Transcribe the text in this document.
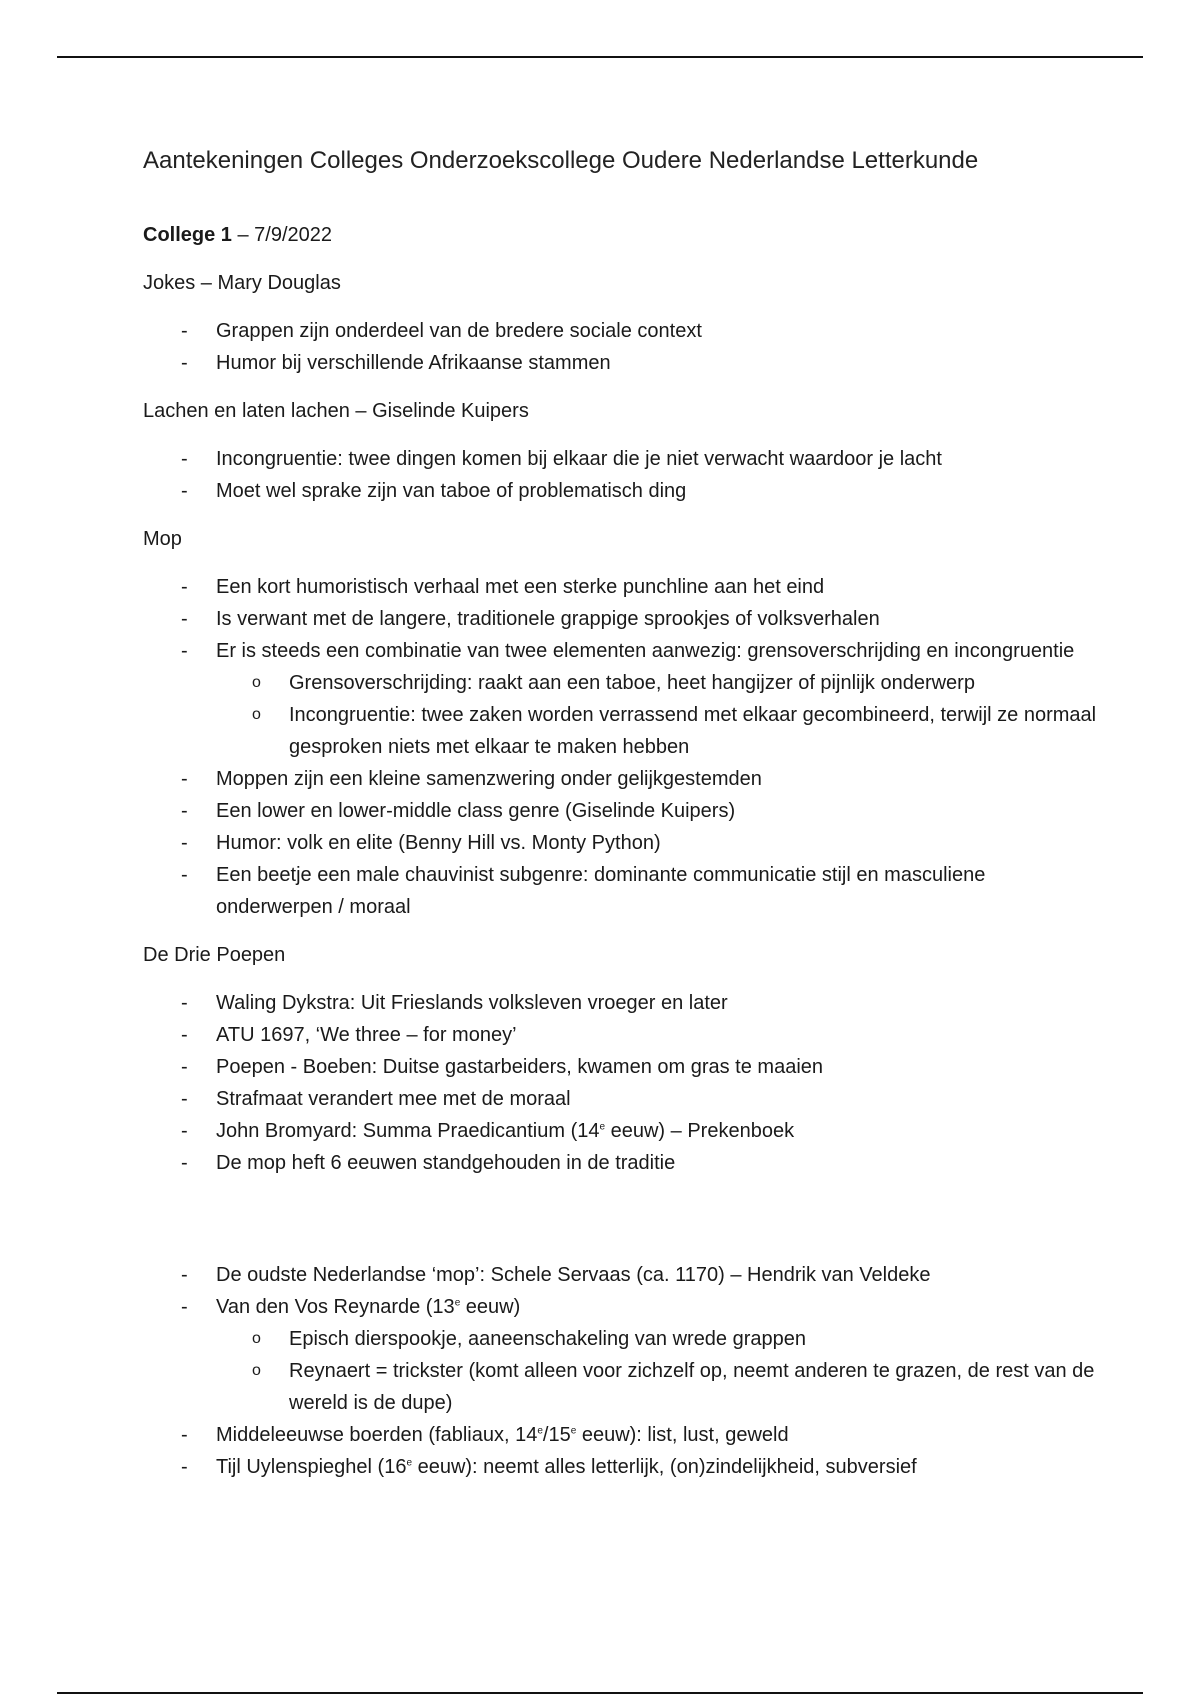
Aantekeningen Colleges Onderzoekscollege Oudere Nederlandse Letterkunde

College 1 – 7/9/2022

Jokes – Mary Douglas

- Grappen zijn onderdeel van de bredere sociale context
- Humor bij verschillende Afrikaanse stammen

Lachen en laten lachen – Giselinde Kuipers

- Incongruentie: twee dingen komen bij elkaar die je niet verwacht waardoor je lacht
- Moet wel sprake zijn van taboe of problematisch ding

Mop

- Een kort humoristisch verhaal met een sterke punchline aan het eind
- Is verwant met de langere, traditionele grappige sprookjes of volksverhalen
- Er is steeds een combinatie van twee elementen aanwezig: grensoverschrijding en incongruentie
o Grensoverschrijding: raakt aan een taboe, heet hangijzer of pijnlijk onderwerp
o Incongruentie: twee zaken worden verrassend met elkaar gecombineerd, terwijl ze normaal gesproken niets met elkaar te maken hebben
- Moppen zijn een kleine samenzwering onder gelijkgestemden
- Een lower en lower-middle class genre (Giselinde Kuipers)
- Humor: volk en elite (Benny Hill vs. Monty Python)
- Een beetje een male chauvinist subgenre: dominante communicatie stijl en masculiene onderwerpen / moraal

De Drie Poepen

- Waling Dykstra: Uit Frieslands volksleven vroeger en later
- ATU 1697, ‘We three – for money’
- Poepen - Boeben: Duitse gastarbeiders, kwamen om gras te maaien
- Strafmaat verandert mee met de moraal
- John Bromyard: Summa Praedicantium (14e eeuw) – Prekenboek
- De mop heft 6 eeuwen standgehouden in de traditie
- De oudste Nederlandse ‘mop’: Schele Servaas (ca. 1170) – Hendrik van Veldeke
- Van den Vos Reynarde (13e eeuw)
o Episch dierspookje, aaneenschakeling van wrede grappen
o Reynaert = trickster (komt alleen voor zichzelf op, neemt anderen te grazen, de rest van de wereld is de dupe)
- Middeleeuwse boerden (fabliaux, 14e/15e eeuw): list, lust, geweld
- Tijl Uylenspieghel (16e eeuw): neemt alles letterlijk, (on)zindelijkheid, subversief
